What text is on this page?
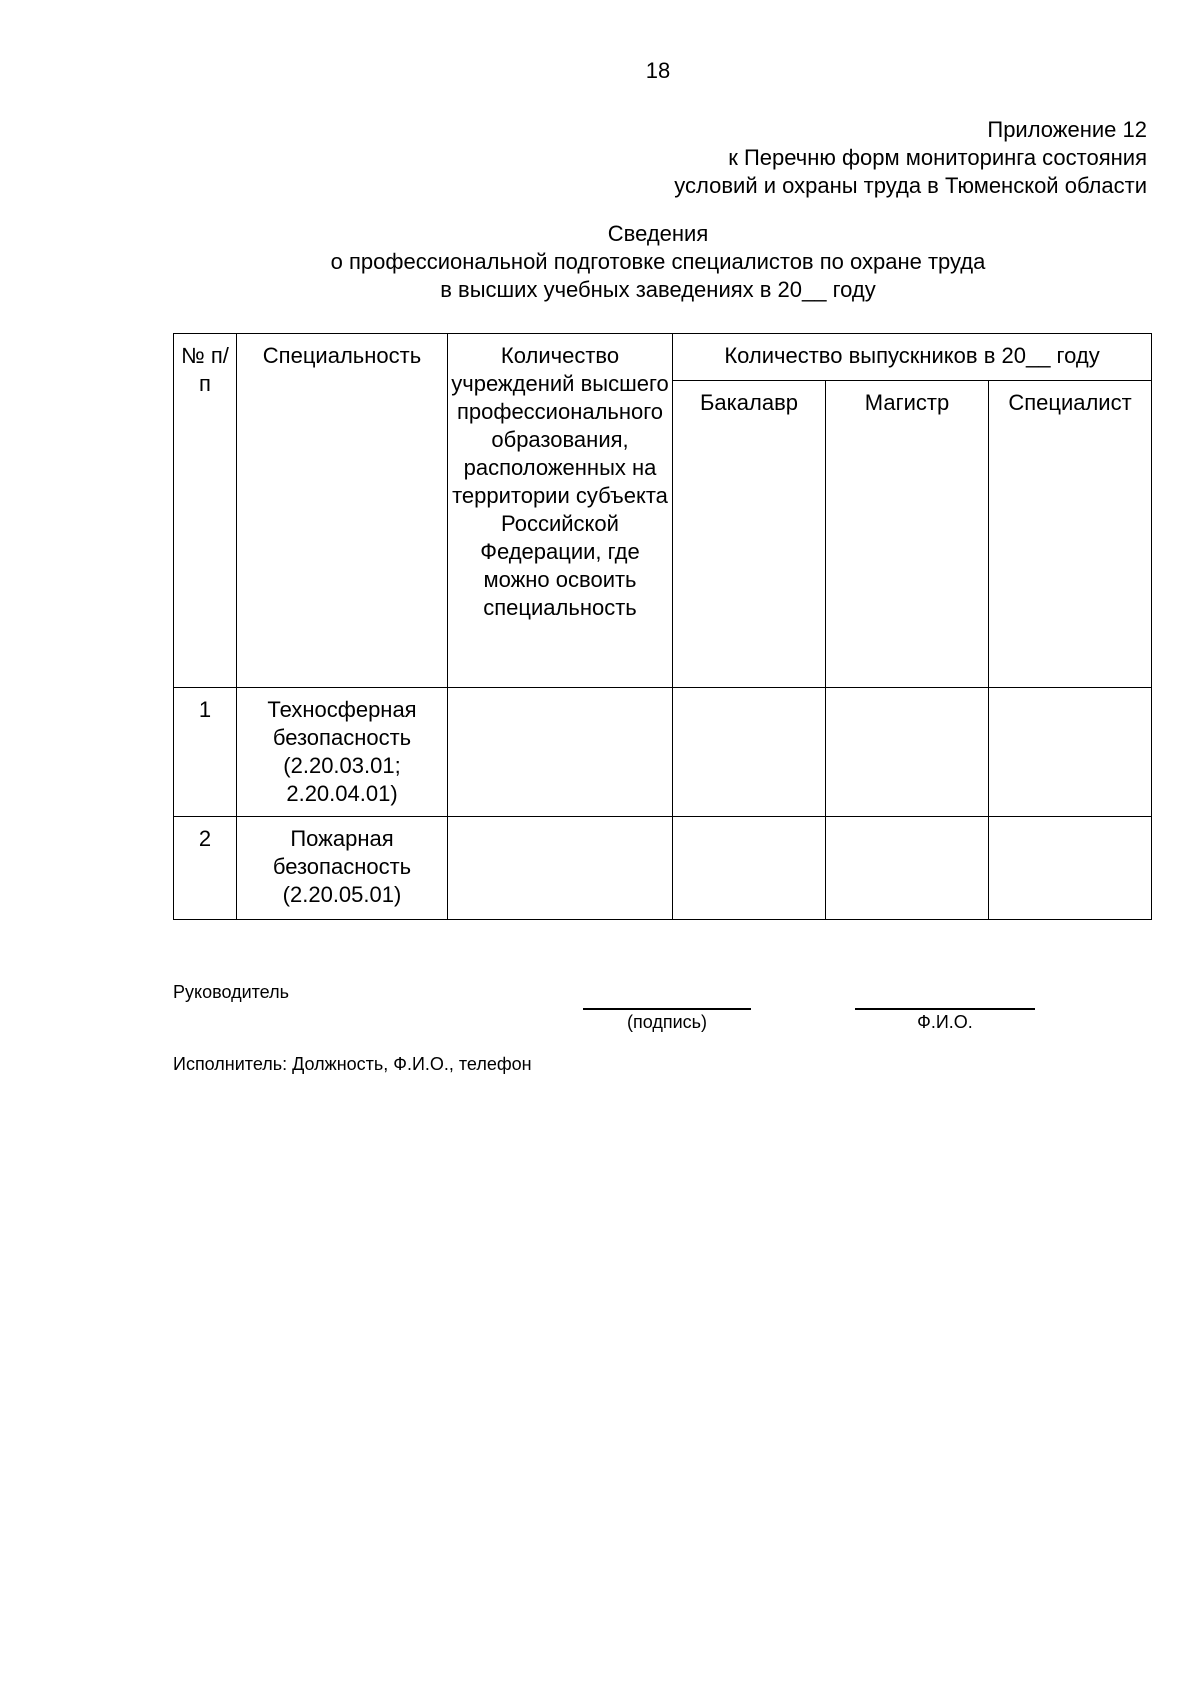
18
Приложение 12
к Перечню форм мониторинга состояния
условий и охраны труда в Тюменской области
Сведения
о профессиональной подготовке специалистов по охране труда
в высших учебных заведениях в 20__ году
№ п/п	Специальность	Количество учреждений высшего профессионального образования, расположенных на территории субъекта Российской Федерации, где можно освоить специальность	Количество выпускников в 20__ году		
			Бакалавр	Магистр	Специалист
1	Техносферная
безопасность
(2.20.03.01;
2.20.04.01)				

2	Пожарная
безопасность
(2.20.05.01)				

Руководитель
(подпись)	Ф.И.О.
Исполнитель: Должность, Ф.И.О., телефон
